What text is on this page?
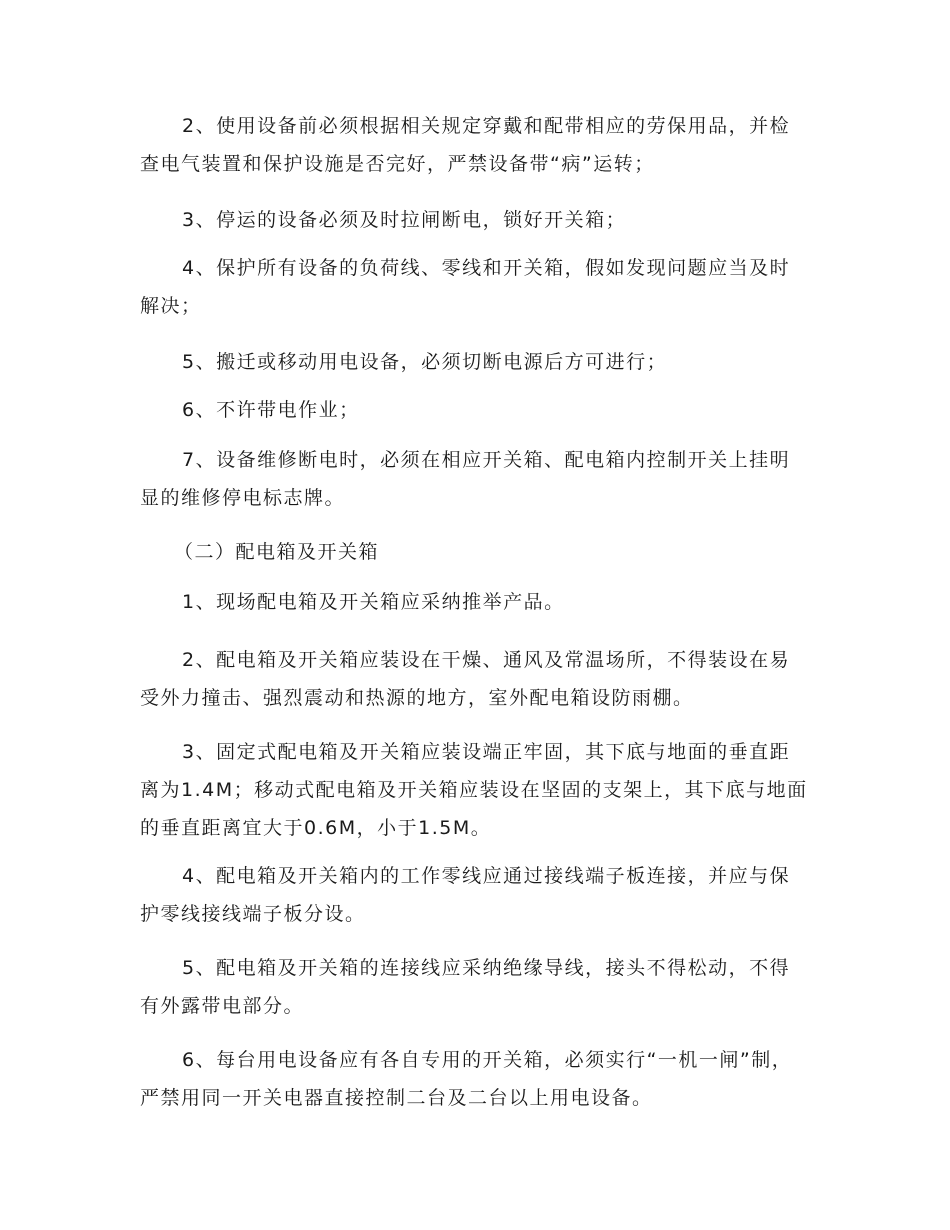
2、使用设备前必须根据相关规定穿戴和配带相应的劳保用品，并检查电气装置和保护设施是否完好，严禁设备带“病”运转；

3、停运的设备必须及时拉闸断电，锁好开关箱；

4、保护所有设备的负荷线、零线和开关箱，假如发现问题应当及时解决；

5、搬迁或移动用电设备，必须切断电源后方可进行；

6、不许带电作业；

7、设备维修断电时，必须在相应开关箱、配电箱内控制开关上挂明显的维修停电标志牌。

（二）配电箱及开关箱

1、现场配电箱及开关箱应采纳推举产品。

2、配电箱及开关箱应装设在干燥、通风及常温场所，不得装设在易受外力撞击、强烈震动和热源的地方，室外配电箱设防雨棚。

3、固定式配电箱及开关箱应装设端正牢固，其下底与地面的垂直距离为1.4M；移动式配电箱及开关箱应装设在坚固的支架上，其下底与地面的垂直距离宜大于0.6M，小于1.5M。

4、配电箱及开关箱内的工作零线应通过接线端子板连接，并应与保护零线接线端子板分设。

5、配电箱及开关箱的连接线应采纳绝缘导线，接头不得松动，不得有外露带电部分。

6、每台用电设备应有各自专用的开关箱，必须实行“一机一闸”制，严禁用同一开关电器直接控制二台及二台以上用电设备。
